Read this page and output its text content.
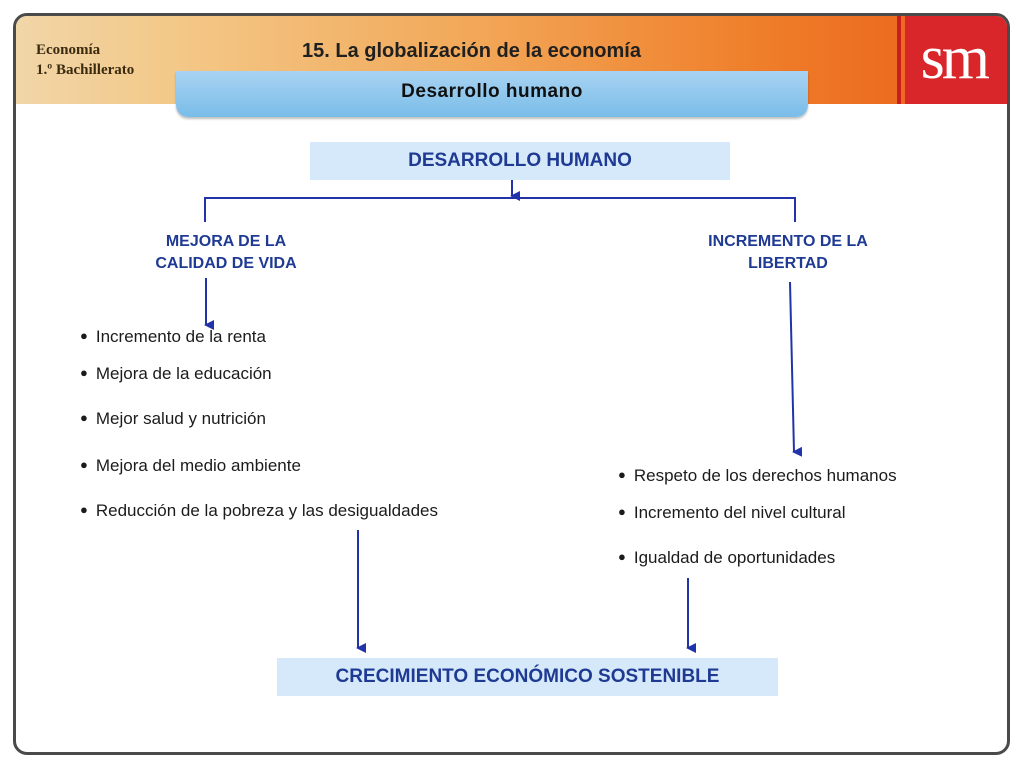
Economía
1.º Bachillerato
15. La globalización de la economía	sm
Desarrollo humano
DESARROLLO HUMANO
MEJORA DE LA
CALIDAD DE VIDA
INCREMENTO DE LA
LIBERTAD
● Incremento de la renta
● Mejora de la educación
● Mejor salud y nutrición
● Mejora del medio ambiente
● Reducción de la pobreza y las desigualdades
● Respeto de los derechos humanos
● Incremento del nivel cultural
● Igualdad de oportunidades
CRECIMIENTO ECONÓMICO SOSTENIBLE
